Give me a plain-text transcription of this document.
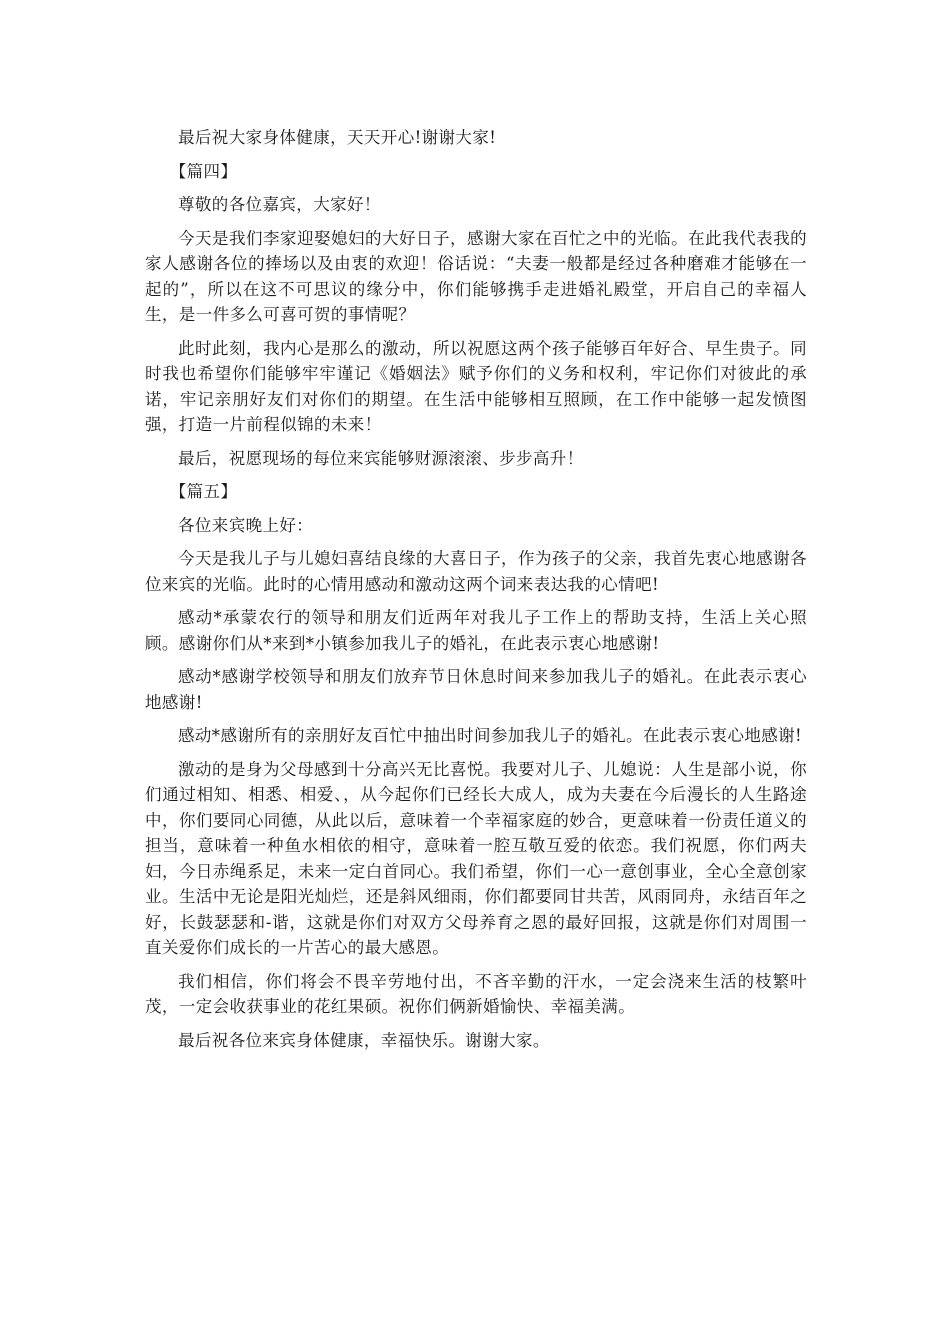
最后祝大家身体健康，天天开心!谢谢大家!

【篇四】

尊敬的各位嘉宾，大家好！

今天是我们李家迎娶媳妇的大好日子，感谢大家在百忙之中的光临。在此我代表我的家人感谢各位的捧场以及由衷的欢迎！俗话说：“夫妻一般都是经过各种磨难才能够在一起的”，所以在这不可思议的缘分中，你们能够携手走进婚礼殿堂，开启自己的幸福人生，是一件多么可喜可贺的事情呢？

此时此刻，我内心是那么的激动，所以祝愿这两个孩子能够百年好合、早生贵子。同时我也希望你们能够牢牢谨记《婚姻法》赋予你们的义务和权利，牢记你们对彼此的承诺，牢记亲朋好友们对你们的期望。在生活中能够相互照顾，在工作中能够一起发愤图强，打造一片前程似锦的未来！

最后，祝愿现场的每位来宾能够财源滚滚、步步高升！

【篇五】

各位来宾晚上好：

今天是我儿子与儿媳妇喜结良缘的大喜日子，作为孩子的父亲，我首先衷心地感谢各位来宾的光临。此时的心情用感动和激动这两个词来表达我的心情吧!

感动*承蒙农行的领导和朋友们近两年对我儿子工作上的帮助支持，生活上关心照顾。感谢你们从*来到*小镇参加我儿子的婚礼，在此表示衷心地感谢!

感动*感谢学校领导和朋友们放弃节日休息时间来参加我儿子的婚礼。在此表示衷心地感谢!

感动*感谢所有的亲朋好友百忙中抽出时间参加我儿子的婚礼。在此表示衷心地感谢!

激动的是身为父母感到十分高兴无比喜悦。我要对儿子、儿媳说：人生是部小说，你们通过相知、相悉、相爱、，从今起你们已经长大成人，成为夫妻在今后漫长的人生路途中，你们要同心同德，从此以后，意味着一个幸福家庭的妙合，更意味着一份责任道义的担当，意味着一种鱼水相依的相守，意味着一腔互敬互爱的依恋。我们祝愿，你们两夫妇，今日赤绳系足，未来一定白首同心。我们希望，你们一心一意创事业，全心全意创家业。生活中无论是阳光灿烂，还是斜风细雨，你们都要同甘共苦，风雨同舟，永结百年之好，长鼓瑟瑟和-谐，这就是你们对双方父母养育之恩的最好回报，这就是你们对周围一直关爱你们成长的一片苦心的最大感恩。

我们相信，你们将会不畏辛劳地付出，不吝辛勤的汗水，一定会浇来生活的枝繁叶茂，一定会收获事业的花红果硕。祝你们俩新婚愉快、幸福美满。

最后祝各位来宾身体健康，幸福快乐。谢谢大家。
